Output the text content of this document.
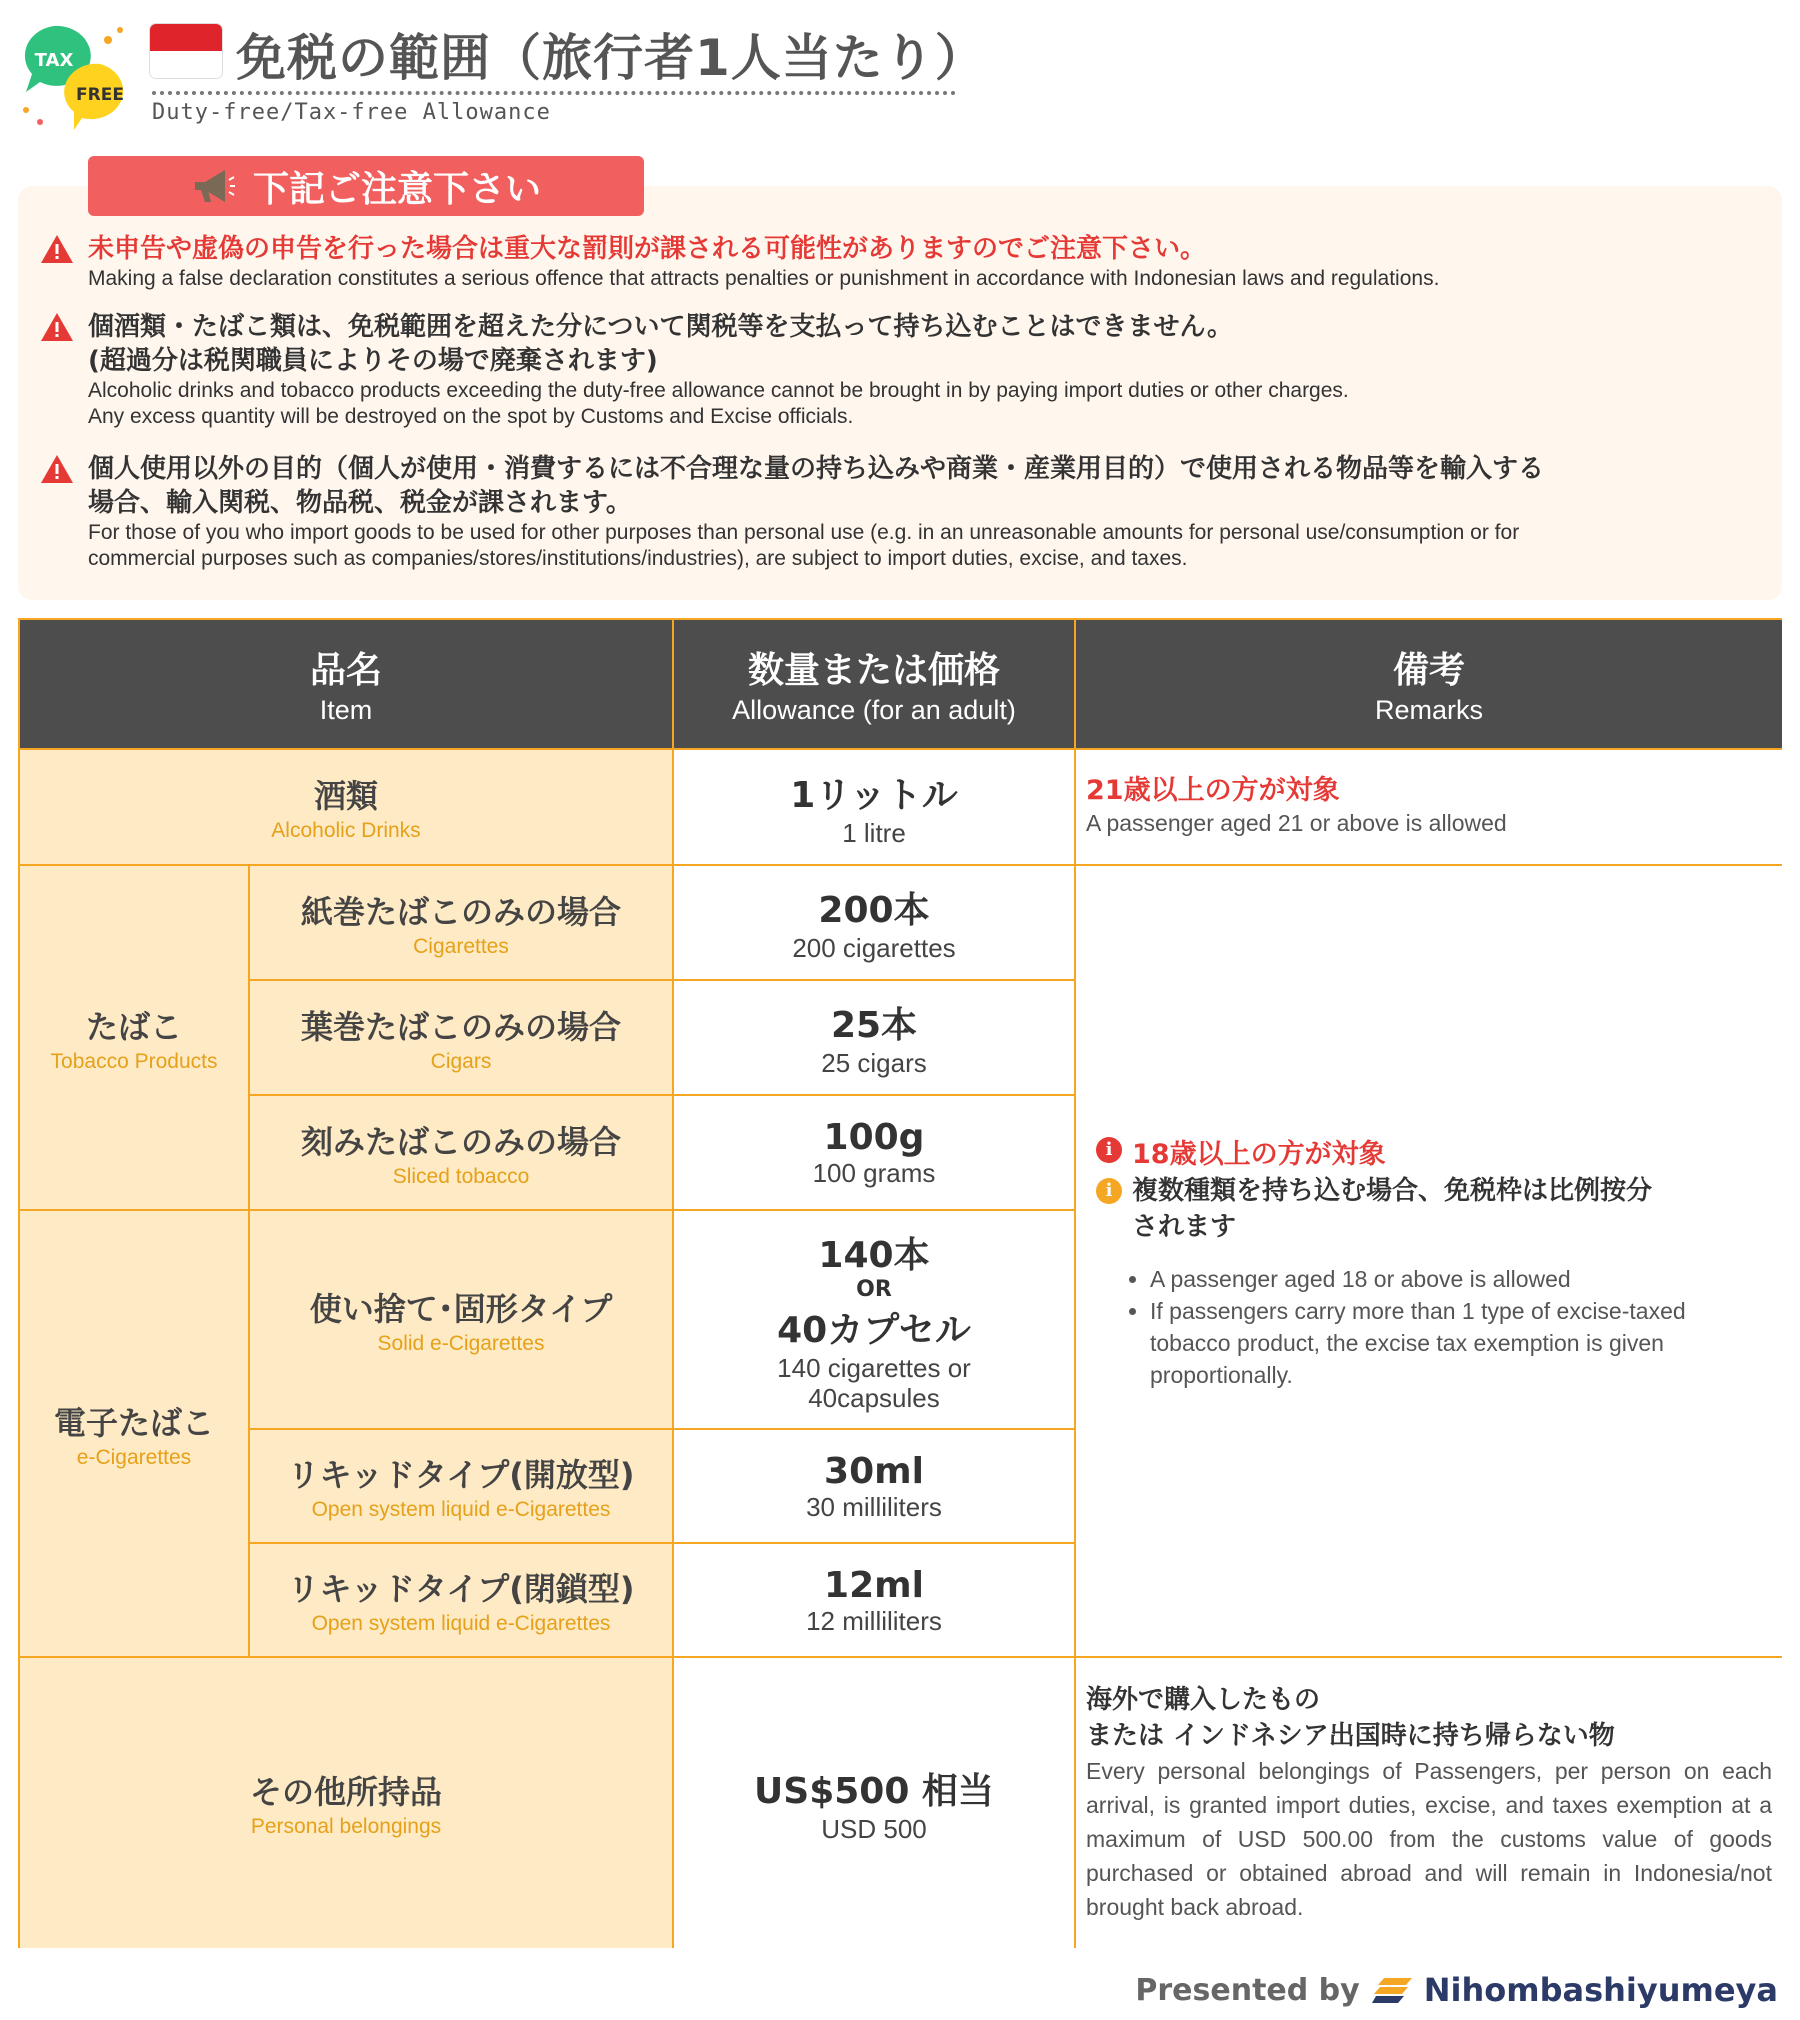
TAX
FREE
免税の範囲（旅行者1人当たり）
Duty-free/Tax-free Allowance
下記ご注意下さい
未申告や虚偽の申告を行った場合は重大な罰則が課される可能性がありますのでご注意下さい。
Making a false declaration constitutes a serious offence that attracts penalties or punishment in accordance with Indonesian laws and regulations.
個酒類・たばこ類は、免税範囲を超えた分について関税等を支払って持ち込むことはできません。
(超過分は税関職員によりその場で廃棄されます)
Alcoholic drinks and tobacco products exceeding the duty-free allowance cannot be brought in by paying import duties or other charges.
Any excess quantity will be destroyed on the spot by Customs and Excise officials.
個人使用以外の目的（個人が使用・消費するには不合理な量の持ち込みや商業・産業用目的）で使用される物品等を輸入する
場合、輸入関税、物品税、税金が課されます。
For those of you who import goods to be used for other purposes than personal use (e.g. in an unreasonable amounts for personal use/consumption or for
commercial purposes such as companies/stores/institutions/industries), are subject to import duties, excise, and taxes.
品名
Item
数量または価格
Allowance (for an adult)
備考
Remarks
酒類
Alcoholic Drinks
1リットル
1 litre
21歳以上の方が対象
A passenger aged 21 or above is allowed
たばこ
Tobacco Products
紙巻たばこのみの場合
Cigarettes
200本
200 cigarettes
葉巻たばこのみの場合
Cigars
25本
25 cigars
刻みたばこのみの場合
Sliced tobacco
100g
100 grams
電子たばこ
e-Cigarettes
使い捨て･固形タイプ
Solid e-Cigarettes
140本
OR
40カプセル
140 cigarettes or
40capsules
リキッドタイプ(開放型)
Open system liquid e-Cigarettes
30ml
30 milliliters
リキッドタイプ(閉鎖型)
Open system liquid e-Cigarettes
12ml
12 milliliters
i 18歳以上の方が対象
i 複数種類を持ち込む場合、免税枠は比例按分
されます
• A passenger aged 18 or above is allowed
• If passengers carry more than 1 type of excise-taxed tobacco product, the excise tax exemption is given proportionally.
その他所持品
Personal belongings
US$500 相当
USD 500
海外で購入したもの
または インドネシア出国時に持ち帰らない物
Every personal belongings of Passengers, per person on each arrival, is granted import duties, excise, and taxes exemption at a maximum of USD 500.00 from the customs value of goods purchased or obtained abroad and will remain in Indonesia/not brought back abroad.
Presented by Nihombashiyumeya
